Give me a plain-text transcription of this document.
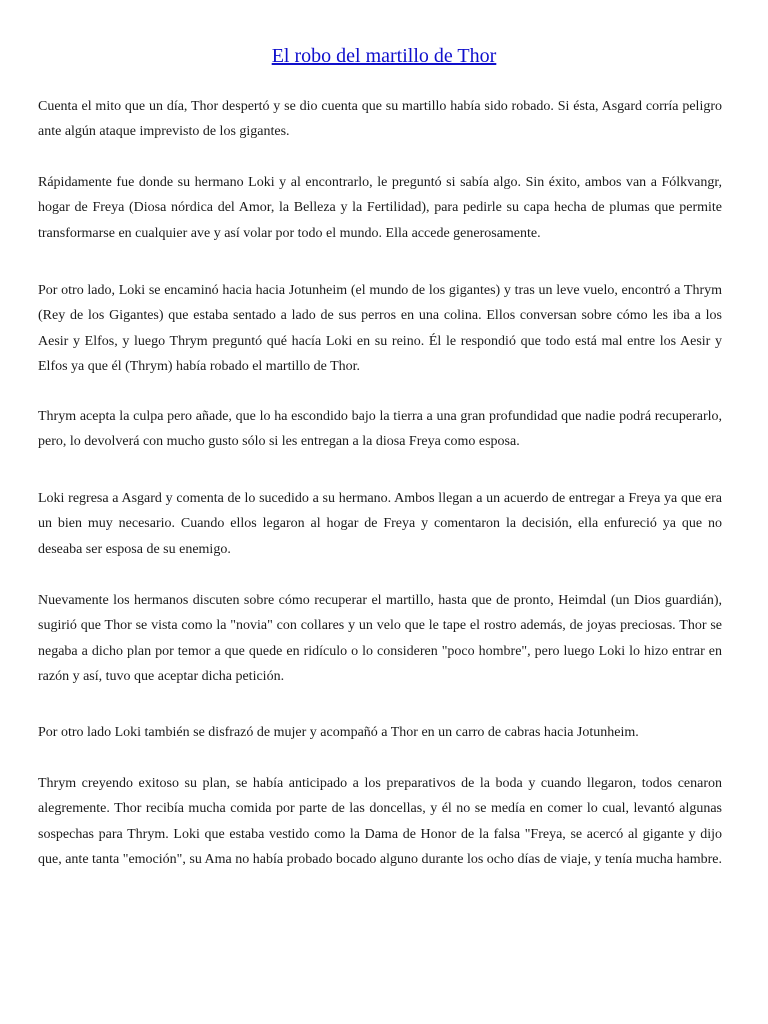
El robo del martillo de Thor

Cuenta el mito que un día, Thor despertó y se dio cuenta que su martillo había sido robado. Si ésta, Asgard corría peligro ante algún ataque imprevisto de los gigantes.

Rápidamente fue donde su hermano Loki y al encontrarlo, le preguntó si sabía algo. Sin éxito, ambos van a Fólkvangr, hogar de Freya (Diosa nórdica del Amor, la Belleza y la Fertilidad), para pedirle su capa hecha de plumas que permite transformarse en cualquier ave y así volar por todo el mundo. Ella accede generosamente.

Por otro lado, Loki se encaminó hacia hacia Jotunheim (el mundo de los gigantes) y tras un leve vuelo, encontró a Thrym (Rey de los Gigantes) que estaba sentado a lado de sus perros en una colina. Ellos conversan sobre cómo les iba a los Aesir y Elfos, y luego Thrym preguntó qué hacía Loki en su reino. Él le respondió que todo está mal entre los Aesir y Elfos ya que él (Thrym) había robado el martillo de Thor.

Thrym acepta la culpa pero añade, que lo ha escondido bajo la tierra a una gran profundidad que nadie podrá recuperarlo, pero, lo devolverá con mucho gusto sólo si les entregan a la diosa Freya como esposa.

Loki regresa a Asgard y comenta de lo sucedido a su hermano. Ambos llegan a un acuerdo de entregar a Freya ya que era un bien muy necesario. Cuando ellos legaron al hogar de Freya y comentaron la decisión, ella enfureció ya que no deseaba ser esposa de su enemigo.

Nuevamente los hermanos discuten sobre cómo recuperar el martillo, hasta que de pronto, Heimdal (un Dios guardián), sugirió que Thor se vista como la "novia" con collares y un velo que le tape el rostro además, de joyas preciosas. Thor se negaba a dicho plan por temor a que quede en ridículo o lo consideren "poco hombre", pero luego Loki lo hizo entrar en razón y así, tuvo que aceptar dicha petición.

Por otro lado Loki también se disfrazó de mujer y acompañó a Thor en un carro de cabras hacia Jotunheim.

Thrym creyendo exitoso su plan, se había anticipado a los preparativos de la boda y cuando llegaron, todos cenaron alegremente. Thor recibía mucha comida por parte de las doncellas, y él no se medía en comer lo cual, levantó algunas sospechas para Thrym. Loki que estaba vestido como la Dama de Honor de la falsa "Freya, se acercó al gigante y dijo que, ante tanta "emoción", su Ama no había probado bocado alguno durante los ocho días de viaje, y tenía mucha hambre.
